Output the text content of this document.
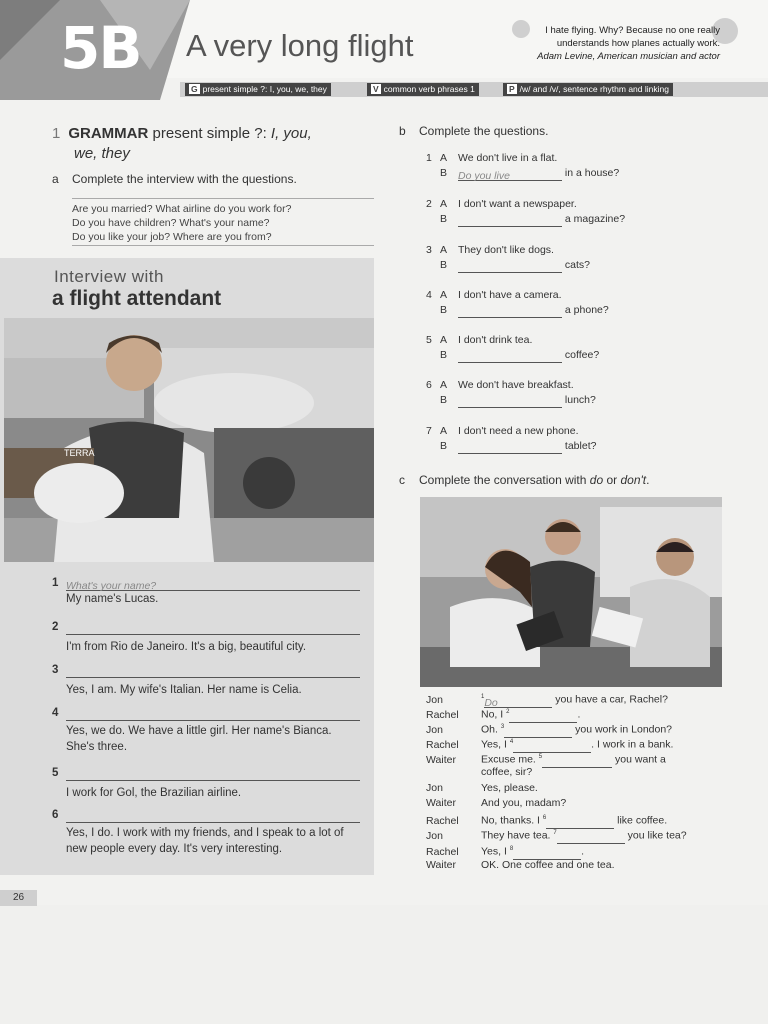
5B A very long flight	I hate flying. Why? Because no one really
understands how planes actually work.
Adam Levine, American musician and actor
G present simple ?: I, you, we, they	V common verb phrases 1	P /w/ and /v/, sentence rhythm and linking
1 GRAMMAR present simple ?: I, you,
we, they
a Complete the interview with the questions.
Are you married? What airline do you work for?
Do you have children? What's your name?
Do you like your job? Where are you from?
Interview with
a flight attendant
TERRA
1 What's your name?
My name's Lucas.
2
I'm from Rio de Janeiro. It's a big, beautiful city.
3
Yes, I am. My wife's Italian. Her name is Celia.
4
Yes, we do. We have a little girl. Her name's Bianca. She's three.
5
I work for Gol, the Brazilian airline.
6
Yes, I do. I work with my friends, and I speak to a lot of new people every day. It's very interesting.
b Complete the questions.
1 A We don't live in a flat.
B Do you live	in a house?
2 A I don't want a newspaper.
B	a magazine?
3 A They don't like dogs.
B	cats?
4 A I don't have a camera.
B	a phone?
5 A I don't drink tea.
B	coffee?
6 A We don't have breakfast.
B	lunch?
7 A I don't need a new phone.
B	tablet?
c Complete the conversation with do or don't.
Jon	$^1$Do	you have a car, Rachel?
Rachel No, I $^2$	.
Jon	Oh. $^3$	you work in London?
Rachel Yes, I $^4$	. I work in a bank.
Waiter Excuse me. $^5$	you want a
coffee, sir?
Jon	Yes, please.
Waiter And you, madam?
Rachel No, thanks. I $^6$	like coffee.
Jon	They have tea. $^7$	you like tea?
Rachel Yes, I $^8$	.
Waiter OK. One coffee and one tea.
26
